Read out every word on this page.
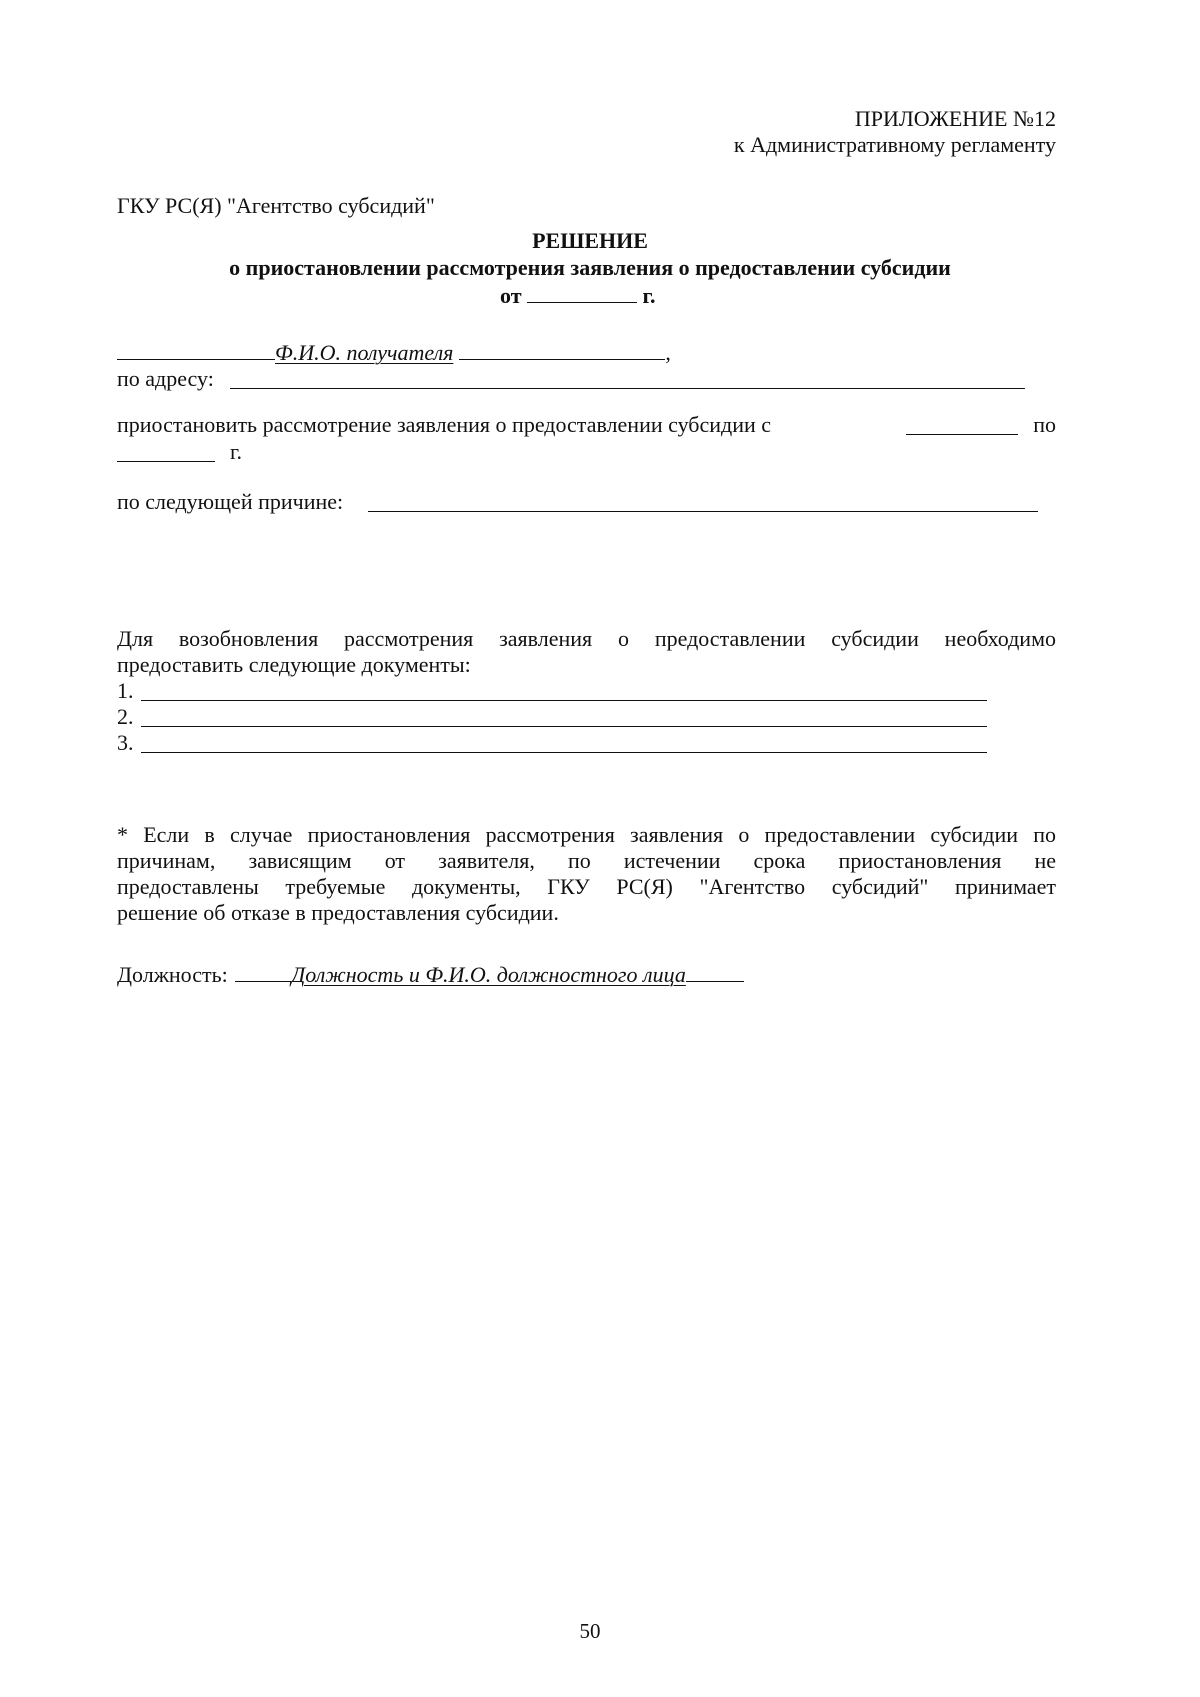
ПРИЛОЖЕНИЕ №12
к Административному регламенту
ГКУ РС(Я) "Агентство субсидий"
РЕШЕНИЕ
о приостановлении рассмотрения заявления о предоставлении субсидии
от	г.
Ф.И.О. получателя	,
по адресу:
приостановить рассмотрение заявления о предоставлении субсидии с	по
г.
по следующей причине:
Для возобновления рассмотрения заявления о предоставлении субсидии необходимо
предоставить следующие документы:
1.
2.
3.
* Если в случае приостановления рассмотрения заявления о предоставлении субсидии по
причинам, зависящим от заявителя, по истечении срока приостановления не
предоставлены требуемые документы, ГКУ РС(Я) "Агентство субсидий" принимает
решение об отказе в предоставления субсидии.
Должность:	Должность и Ф.И.О. должностного лица
50
